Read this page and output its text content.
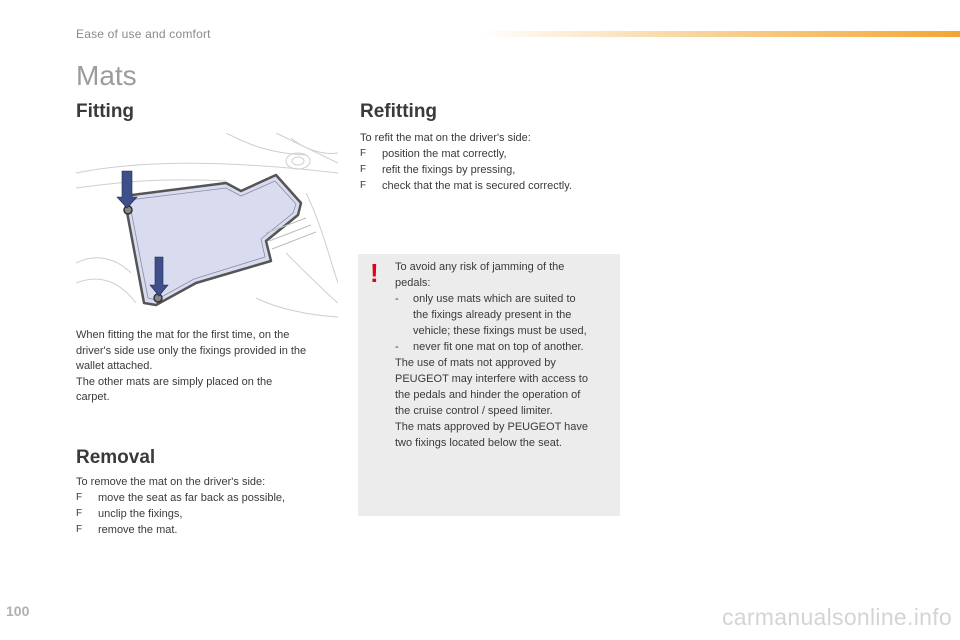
Ease of use and comfort
Mats
Fitting
When fitting the mat for the first time, on the
driver's side use only the fixings provided in the
wallet attached.
The other mats are simply placed on the
carpet.
Removal

To remove the mat on the driver's side:

F move the seat as far back as possible,
F unclip the fixings,
F remove the mat.
Refitting

To refit the mat on the driver's side:

F position the mat correctly,
F refit the fixings by pressing,
F check that the mat is secured correctly.
! To avoid any risk of jamming of the

pedals:

-	only use mats which are suited to

the fixings already present in the

vehicle; these fixings must be used,

-	never fit one mat on top of another.

The use of mats not approved by

PEUGEOT may interfere with access to

the pedals and hinder the operation of

the cruise control / speed limiter.

The mats approved by PEUGEOT have

two fixings located below the seat.

100	carmanualsonline.info
